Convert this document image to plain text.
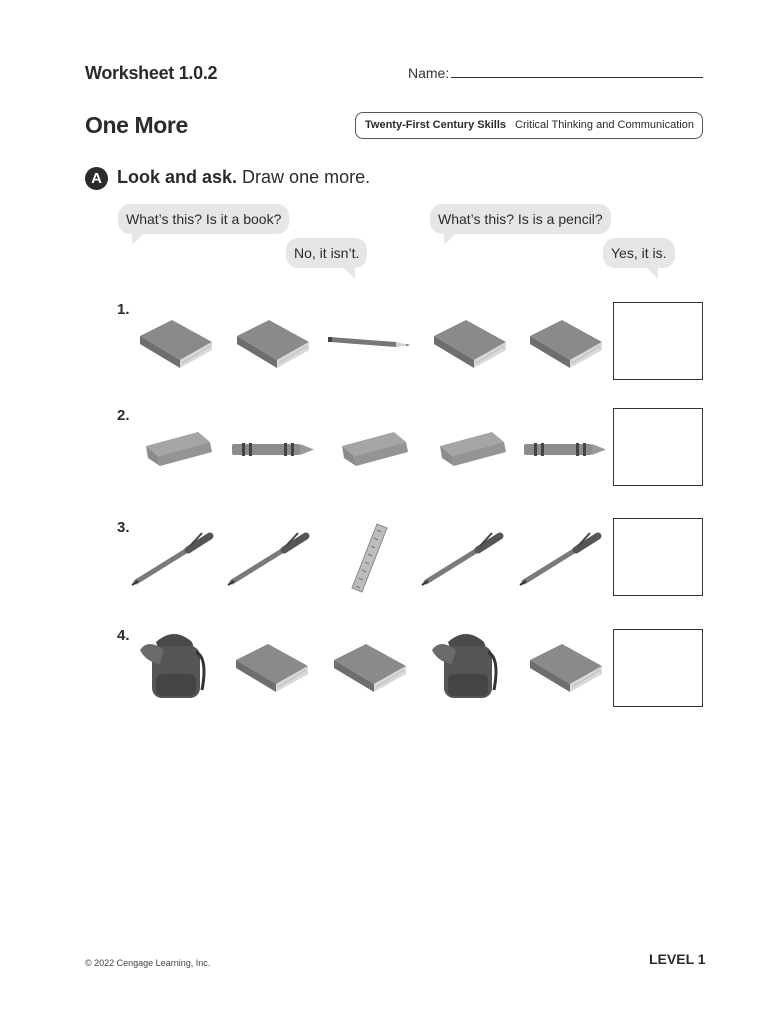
Worksheet 1.0.2	Name:
One More	Twenty-First Century Skills Critical Thinking and Communication
A Look and ask. Draw one more.
What’s this? Is it a book?
No, it isn’t.
What’s this? Is is a pencil?
Yes, it is.
1.
2.
3.
4.
© 2022 Cengage Learning, Inc.	LEVEL 1
